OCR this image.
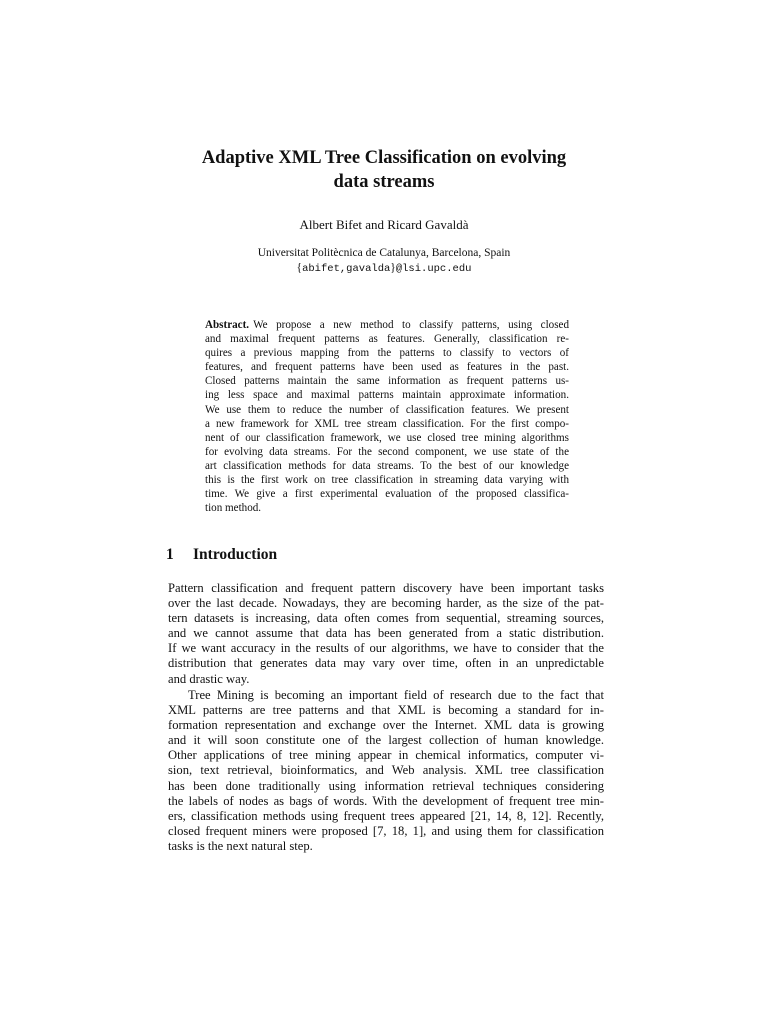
Adaptive XML Tree Classification on evolving
data streams
Albert Bifet and Ricard Gavaldà
Universitat Politècnica de Catalunya, Barcelona, Spain
{abifet,gavalda}@lsi.upc.edu
Abstract. We propose a new method to classify patterns, using closed
and maximal frequent patterns as features. Generally, classification re-
quires a previous mapping from the patterns to classify to vectors of
features, and frequent patterns have been used as features in the past.
Closed patterns maintain the same information as frequent patterns us-
ing less space and maximal patterns maintain approximate information.
We use them to reduce the number of classification features. We present
a new framework for XML tree stream classification. For the first compo-
nent of our classification framework, we use closed tree mining algorithms
for evolving data streams. For the second component, we use state of the
art classification methods for data streams. To the best of our knowledge
this is the first work on tree classification in streaming data varying with
time. We give a first experimental evaluation of the proposed classifica-
tion method.
1 Introduction
Pattern classification and frequent pattern discovery have been important tasks
over the last decade. Nowadays, they are becoming harder, as the size of the pat-
tern datasets is increasing, data often comes from sequential, streaming sources,
and we cannot assume that data has been generated from a static distribution.
If we want accuracy in the results of our algorithms, we have to consider that the
distribution that generates data may vary over time, often in an unpredictable
and drastic way.
Tree Mining is becoming an important field of research due to the fact that
XML patterns are tree patterns and that XML is becoming a standard for in-
formation representation and exchange over the Internet. XML data is growing
and it will soon constitute one of the largest collection of human knowledge.
Other applications of tree mining appear in chemical informatics, computer vi-
sion, text retrieval, bioinformatics, and Web analysis. XML tree classification
has been done traditionally using information retrieval techniques considering
the labels of nodes as bags of words. With the development of frequent tree min-
ers, classification methods using frequent trees appeared [21, 14, 8, 12]. Recently,
closed frequent miners were proposed [7, 18, 1], and using them for classification
tasks is the next natural step.
